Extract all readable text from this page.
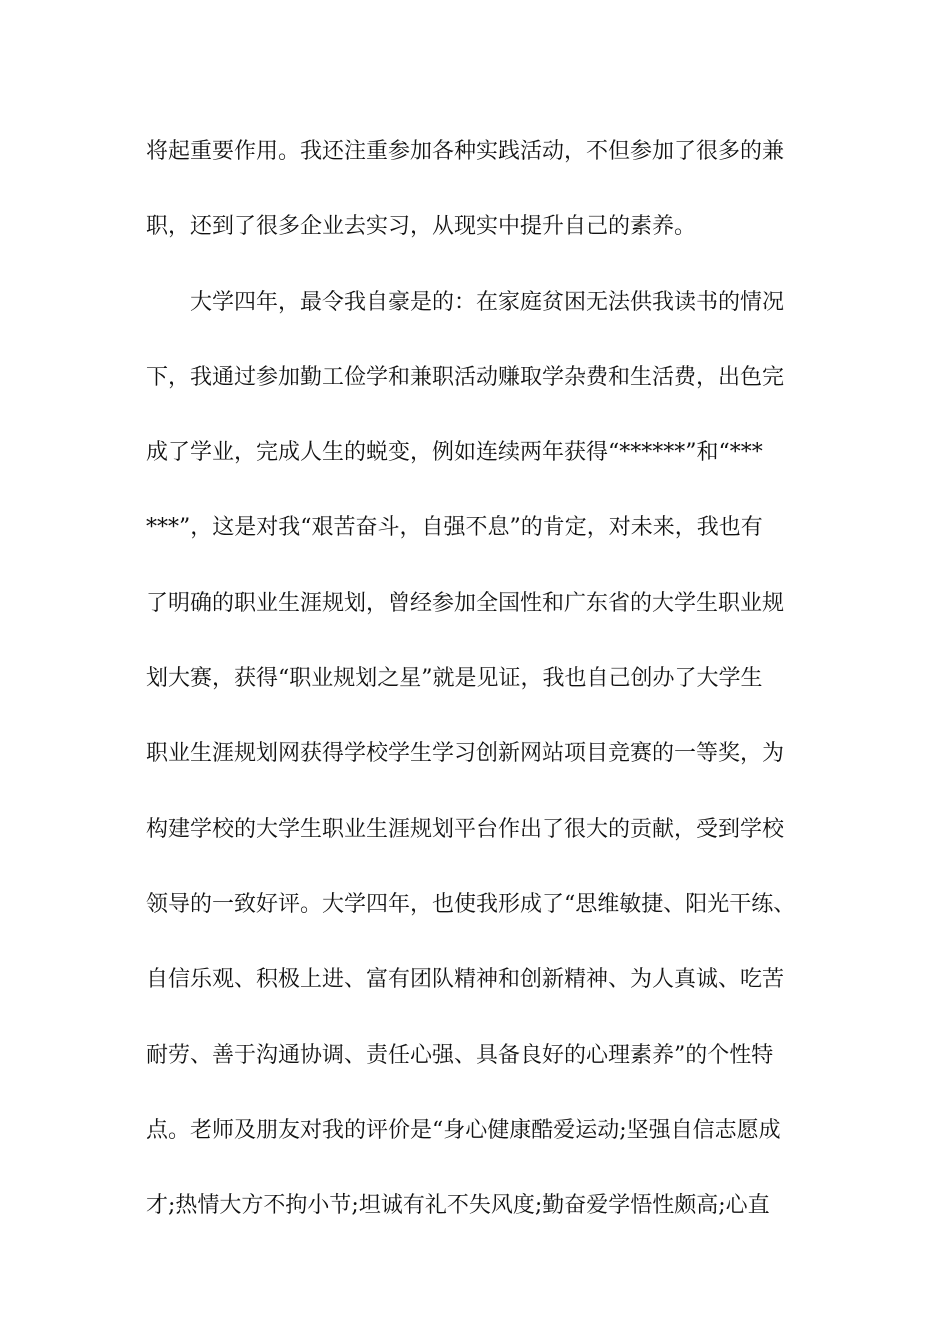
将起重要作用。我还注重参加各种实践活动，不但参加了很多的兼
职，还到了很多企业去实习，从现实中提升自己的素养。
大学四年，最令我自豪是的：在家庭贫困无法供我读书的情况
下，我通过参加勤工俭学和兼职活动赚取学杂费和生活费，出色完
成了学业，完成人生的蜕变，例如连续两年获得“******”和“***
***”，这是对我“艰苦奋斗，自强不息”的肯定，对未来，我也有
了明确的职业生涯规划，曾经参加全国性和广东省的大学生职业规
划大赛，获得“职业规划之星”就是见证，我也自己创办了大学生
职业生涯规划网获得学校学生学习创新网站项目竞赛的一等奖，为
构建学校的大学生职业生涯规划平台作出了很大的贡献，受到学校
领导的一致好评。大学四年，也使我形成了“思维敏捷、阳光干练、
自信乐观、积极上进、富有团队精神和创新精神、为人真诚、吃苦
耐劳、善于沟通协调、责任心强、具备良好的心理素养”的个性特
点。老师及朋友对我的评价是“身心健康酷爱运动;坚强自信志愿成
才;热情大方不拘小节;坦诚有礼不失风度;勤奋爱学悟性颇高;心直
